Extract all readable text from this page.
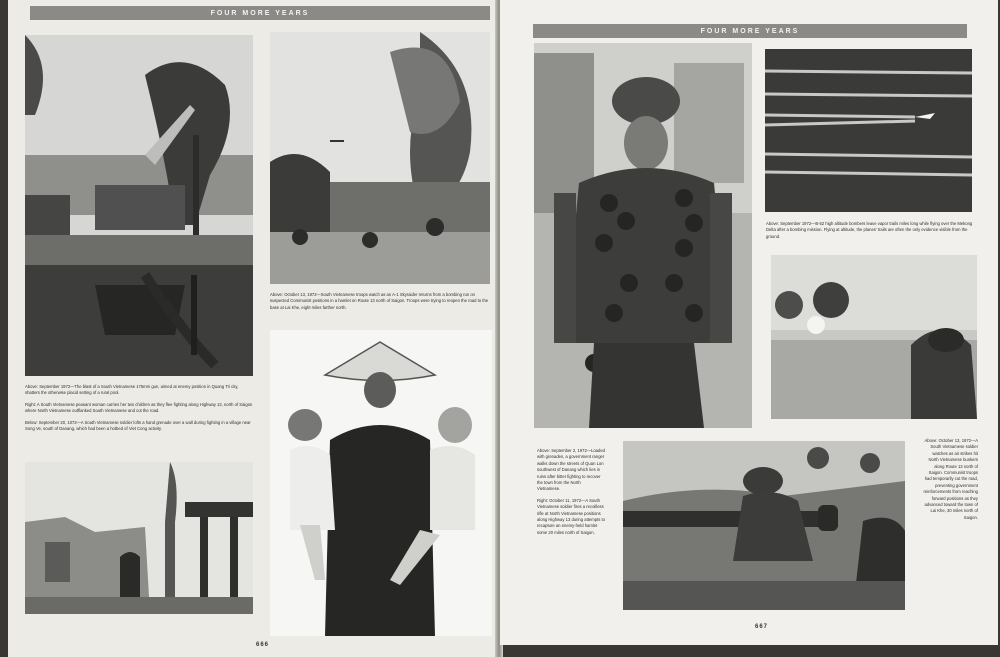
FOUR MORE YEARS
Above: October 13, 1972—South Vietnamese troops watch as an A-1 Skyraider returns from a bombing run on suspected Communist positions in a hamlet on Route 13 north of Saigon. Troops were trying to reopen the road to the base at Lai Khe, eight miles farther north.

Above: September 1972—The blast of a South Vietnamese 175mm gun, aimed at enemy position in Quang Tri city, shatters the otherwise placid setting of a rural pool.

Right: A South Vietnamese peasant woman carries her two children as they flee fighting along Highway 13, north of Saigon where North Vietnamese outflanked South Vietnamese and cut the road.

Below: September 20, 1072—A South Vietnamese soldier lofts a hand grenade over a wall during fighting in a village near Song Ve, south of Danang, which had been a hotbed of Viet Cong activity.

666
FOUR MORE YEARS
Above: September 1972—B-52 high altitude bombers leave vapor trails miles long while flying over the Mekong Delta after a bombing mission. Flying at altitude, the planes' trails are often the only evidence visible from the ground.
Above: October 13, 1972—A South Vietnamese soldier watches as air strikes hit North Vietnamese bunkers along Route 13 north of Saigon. Communist troops had temporarily cut the road, preventing government reinforcements from reaching forward positions as they advanced toward the town of Lai Khe, 30 miles north of Saigon.

Above: September 2, 1972—Loaded with grenades, a government ranger walks down the streets of Quan Lon southwest of Danang which lies in ruins after bitter fighting to recover the town from the North Vietnamese.

Right: October 11, 1972—A South Vietnamese soldier fires a recoilless rifle at North Vietnamese positions along Highway 13 during attempts to recapture an enemy-held hamlet some 20 miles north of Saigon.

667
